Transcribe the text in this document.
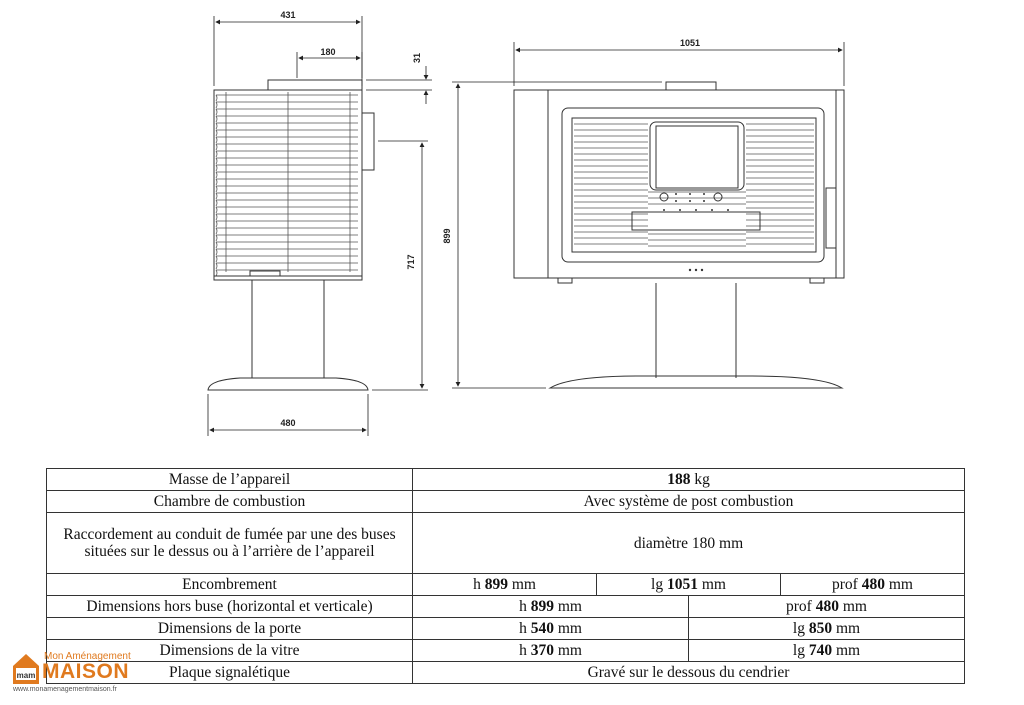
431
180
31
717
480
1051
899
Masse de l’appareil	188 kg			
Chambre de combustion	Avec système de post combustion			
Raccordement au conduit de fumée par une des buses situées sur le dessus ou à l’arrière de l’appareil	diamètre 180 mm			
Encombrement	h 899 mm	lg 1051 mm		prof 480 mm
Dimensions hors buse (horizontal et verticale)	h 899 mm		prof 480 mm	
Dimensions de la porte	h 540 mm		lg 850 mm	
Dimensions de la vitre	h 370 mm		lg 740 mm	
Plaque signalétique	Gravé sur le dessous du cendrier			
mam
Mon Aménagement
MAISON
www.monamenagementmaison.fr
